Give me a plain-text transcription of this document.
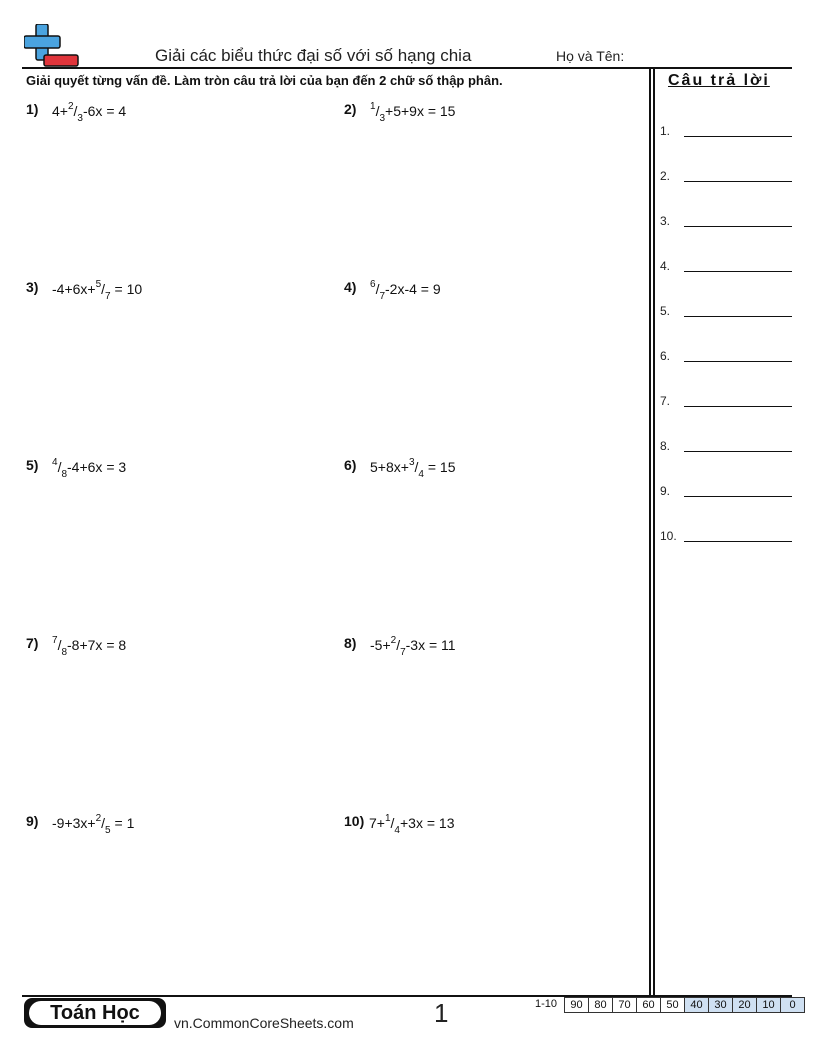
Giải các biểu thức đại số với số hạng chia	Họ và Tên:
Giải quyết từng vấn đề. Làm tròn câu trả lời của bạn đến 2 chữ số thập phân.	Câu trả lời
1.
2.
3.
4.
5.
6.
7.
8.
9.
10.
1) $4+^2/_3-6x = 4$	2) $^1/_3+5+9x = 15$
3) $-4+6x+^5/_7 = 10$	4) $^6/_7-2x-4 = 9$
5) $^4/_8-4+6x = 3$	6) $5+8x+^3/_4 = 15$
7) $^7/_8-8+7x = 8$	8) $-5+^2/_7-3x = 11$
9) $-9+3x+^2/_5 = 1$	10) $7+^1/_4+3x = 13$
Toán Học	vn.CommonCoreSheets.com	1	1-10 90	80	70	60	50	40	30	20	10	0
